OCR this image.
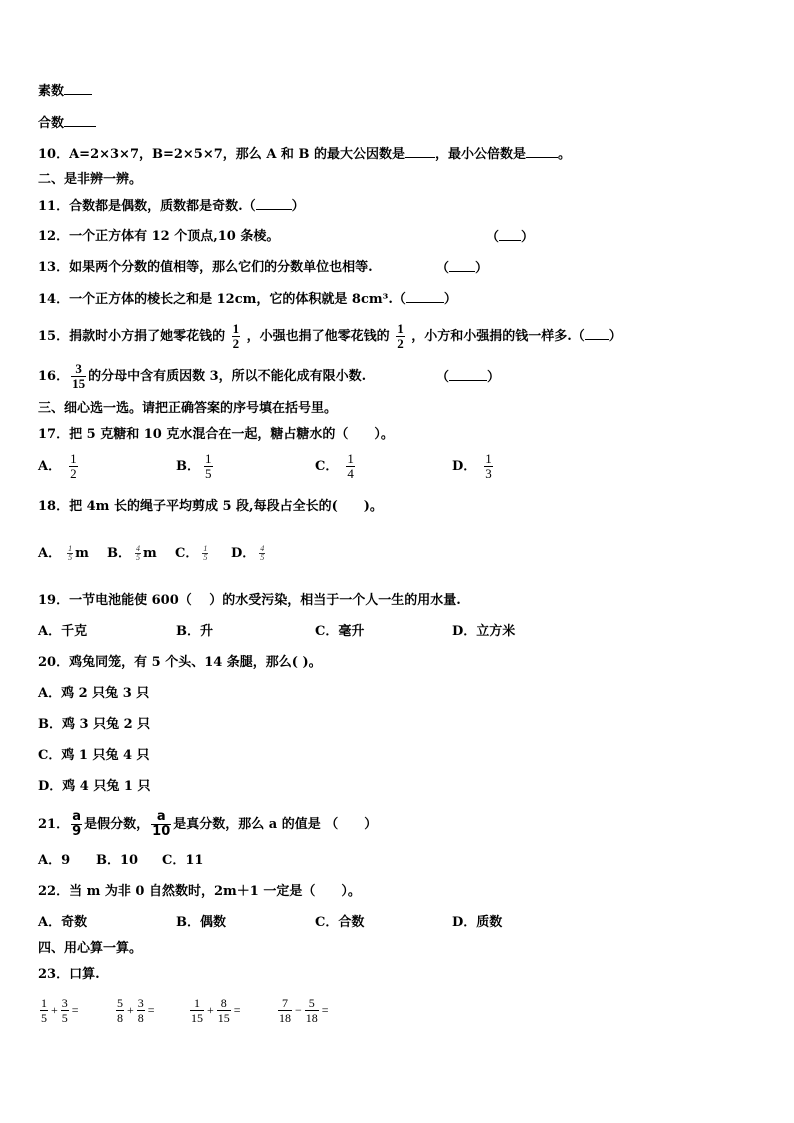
素数
合数
10．A=2×3×7，B=2×5×7，那么 A 和 B 的最大公因数是 ，最小公倍数是 。
二、是非辨一辨。
11．合数都是偶数，质数都是奇数.（	）
12．一个正方体有 12 个顶点,10 条棱。	（ ）
13．如果两个分数的值相等，那么它们的分数单位也相等.	（ ）
14．一个正方体的棱长之和是 12cm，它的体积就是 8cm³.（	）
15．捐款时小方捐了她零花钱的 $\frac{1}{2}$ ，小强也捐了他零花钱的 $\frac{1}{2}$ ，小方和小强捐的钱一样多.（ ）
16． $\frac{3}{15}$ 的分母中含有质因数 3，所以不能化成有限小数.	（	）
三、细心选一选。请把正确答案的序号填在括号里。
17．把 5 克糖和 10 克水混合在一起，糖占糖水的（　　）。
A． $\frac{1}{2}$	B． $\frac{1}{5}$	C． $\frac{1}{4}$	D． $\frac{1}{3}$
18．把 4m 长的绳子平均剪成 5 段,每段占全长的(　　)。
A． $\frac{1}{5}$ m B． $\frac{4}{5}$ m C． $\frac{1}{5}$ D． $\frac{4}{5}$
19．一节电池能使 600（　 ）的水受污染，相当于一个人一生的用水量.
A．千克	B．升	C．毫升	D．立方米
20．鸡兔同笼，有 5 个头、14 条腿，那么( )。
A．鸡 2 只兔 3 只
B．鸡 3 只兔 2 只
C．鸡 1 只兔 4 只
D．鸡 4 只兔 1 只
21． $\frac{a}{9}$ 是假分数， $\frac{a}{10}$ 是真分数，那么 a 的值是 （　　）
A．9 B．10 C．11
22．当 m 为非 0 自然数时，2m＋1 一定是（　　）。
A．奇数	B．偶数	C．合数	D．质数
四、用心算一算。
23．口算.
$\frac{1}{5} + \frac{3}{5}$ =	$\frac{5}{8} + \frac{3}{8}$ =	$\frac{1}{15} + \frac{8}{15}$ =	$\frac{7}{18} - \frac{5}{18}$ =
